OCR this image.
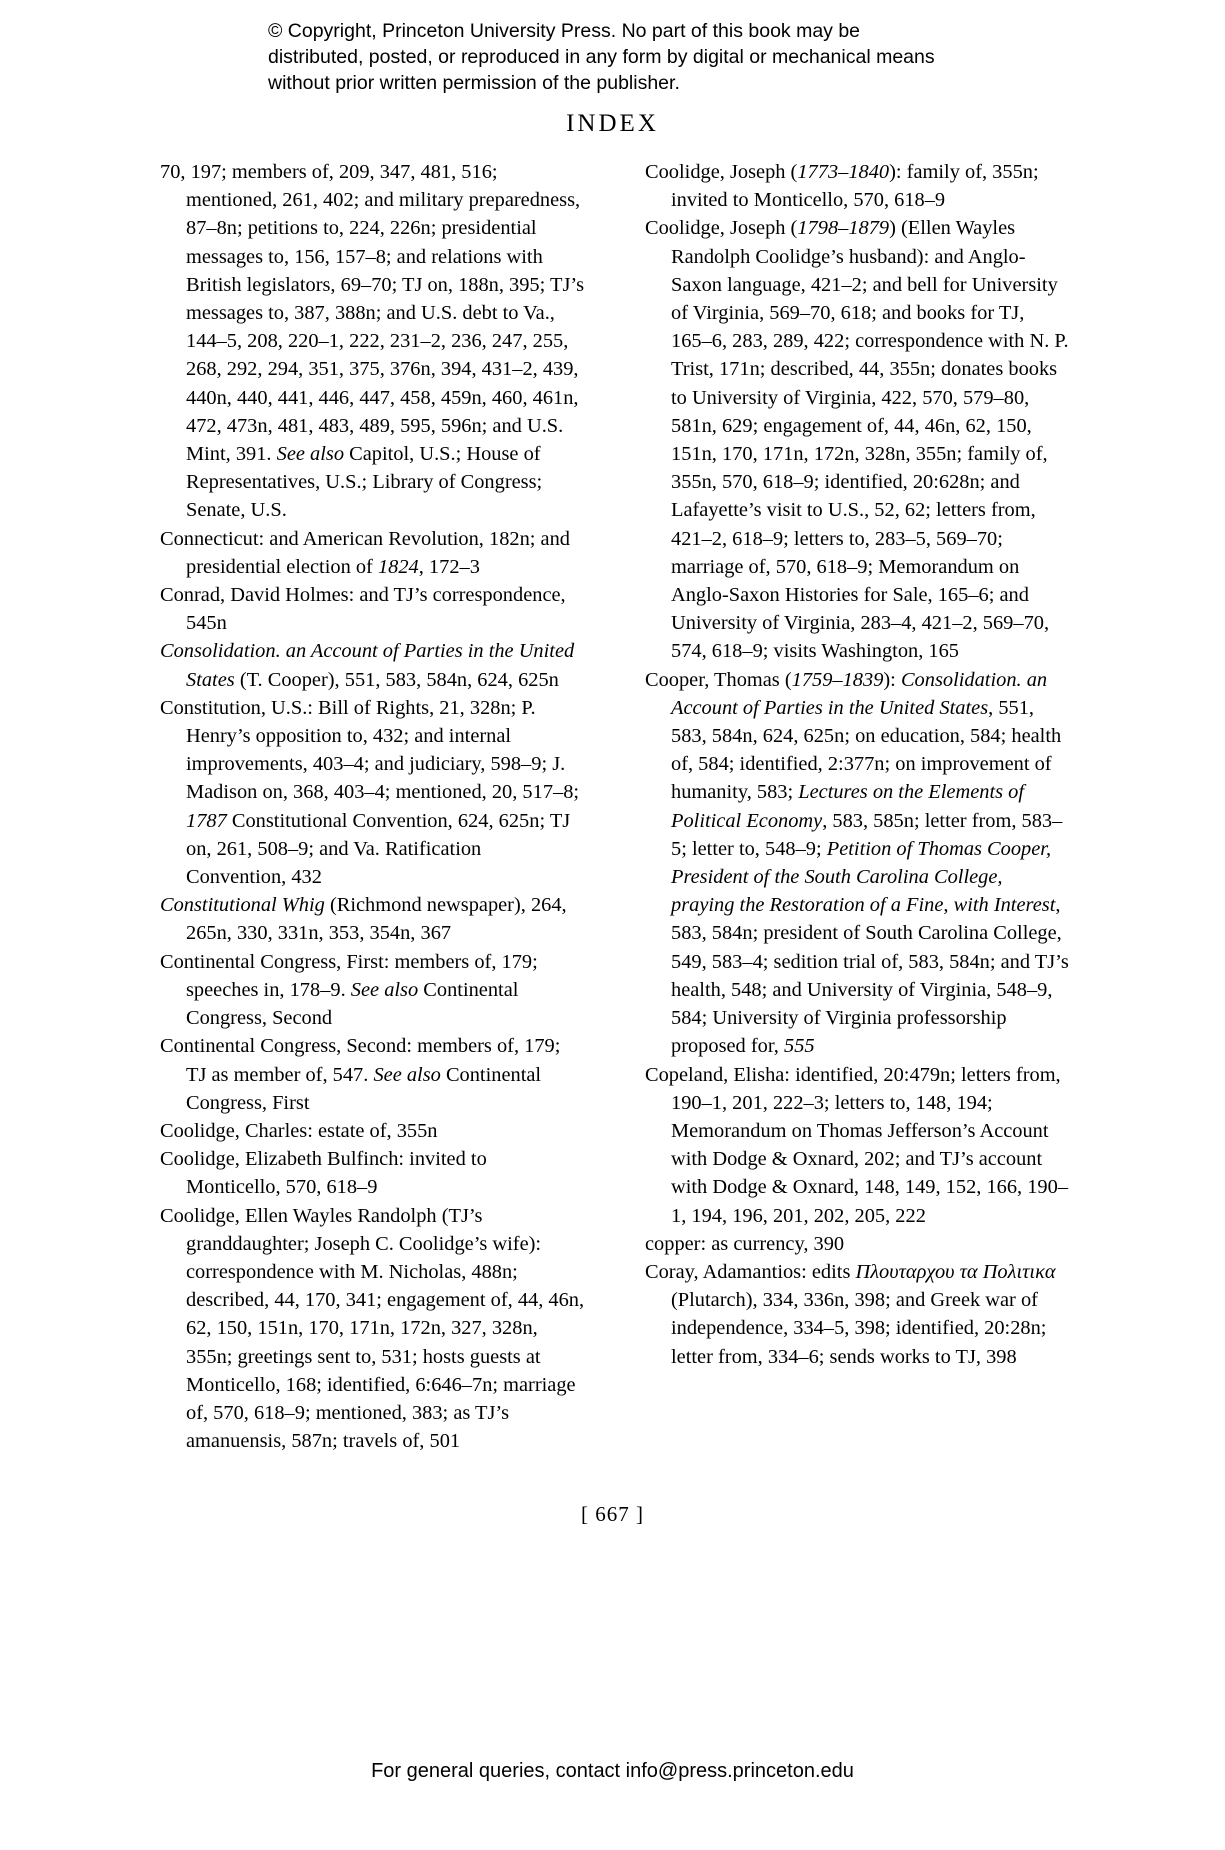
© Copyright, Princeton University Press. No part of this book may be distributed, posted, or reproduced in any form by digital or mechanical means without prior written permission of the publisher.
INDEX

70, 197; members of, 209, 347, 481, 516; mentioned, 261, 402; and military preparedness, 87–8n; petitions to, 224, 226n; presidential messages to, 156, 157–8; and relations with British legislators, 69–70; TJ on, 188n, 395; TJ’s messages to, 387, 388n; and U.S. debt to Va., 144–5, 208, 220–1, 222, 231–2, 236, 247, 255, 268, 292, 294, 351, 375, 376n, 394, 431–2, 439, 440n, 440, 441, 446, 447, 458, 459n, 460, 461n, 472, 473n, 481, 483, 489, 595, 596n; and U.S. Mint, 391. See also Capitol, U.S.; House of Representatives, U.S.; Library of Congress; Senate, U.S.

Connecticut: and American Revolution, 182n; and presidential election of 1824, 172–3

Conrad, David Holmes: and TJ’s correspondence, 545n

Consolidation. an Account of Parties in the United States (T. Cooper), 551, 583, 584n, 624, 625n

Constitution, U.S.: Bill of Rights, 21, 328n; P. Henry’s opposition to, 432; and internal improvements, 403–4; and judiciary, 598–9; J. Madison on, 368, 403–4; mentioned, 20, 517–8; 1787 Constitutional Convention, 624, 625n; TJ on, 261, 508–9; and Va. Ratification Convention, 432

Constitutional Whig (Richmond newspaper), 264, 265n, 330, 331n, 353, 354n, 367

Continental Congress, First: members of, 179; speeches in, 178–9. See also Continental Congress, Second

Continental Congress, Second: members of, 179; TJ as member of, 547. See also Continental Congress, First

Coolidge, Charles: estate of, 355n

Coolidge, Elizabeth Bulfinch: invited to Monticello, 570, 618–9

Coolidge, Ellen Wayles Randolph (TJ’s granddaughter; Joseph C. Coolidge’s wife): correspondence with M. Nicholas, 488n; described, 44, 170, 341; engagement of, 44, 46n, 62, 150, 151n, 170, 171n, 172n, 327, 328n, 355n; greetings sent to, 531; hosts guests at Monticello, 168; identified, 6:646–7n; marriage of, 570, 618–9; mentioned, 383; as TJ’s amanuensis, 587n; travels of, 501

Coolidge, Joseph (1773–1840): family of, 355n; invited to Monticello, 570, 618–9

Coolidge, Joseph (1798–1879) (Ellen Wayles Randolph Coolidge’s husband): and Anglo-Saxon language, 421–2; and bell for University of Virginia, 569–70, 618; and books for TJ, 165–6, 283, 289, 422; correspondence with N. P. Trist, 171n; described, 44, 355n; donates books to University of Virginia, 422, 570, 579–80, 581n, 629; engagement of, 44, 46n, 62, 150, 151n, 170, 171n, 172n, 328n, 355n; family of, 355n, 570, 618–9; identified, 20:628n; and Lafayette’s visit to U.S., 52, 62; letters from, 421–2, 618–9; letters to, 283–5, 569–70; marriage of, 570, 618–9; Memorandum on Anglo-Saxon Histories for Sale, 165–6; and University of Virginia, 283–4, 421–2, 569–70, 574, 618–9; visits Washington, 165

Cooper, Thomas (1759–1839): Consolidation. an Account of Parties in the United States, 551, 583, 584n, 624, 625n; on education, 584; health of, 584; identified, 2:377n; on improvement of humanity, 583; Lectures on the Elements of Political Economy, 583, 585n; letter from, 583–5; letter to, 548–9; Petition of Thomas Cooper, President of the South Carolina College, praying the Restoration of a Fine, with Interest, 583, 584n; president of South Carolina College, 549, 583–4; sedition trial of, 583, 584n; and TJ’s health, 548; and University of Virginia, 548–9, 584; University of Virginia professorship proposed for, 555

Copeland, Elisha: identified, 20:479n; letters from, 190–1, 201, 222–3; letters to, 148, 194; Memorandum on Thomas Jefferson’s Account with Dodge & Oxnard, 202; and TJ’s account with Dodge & Oxnard, 148, 149, 152, 166, 190–1, 194, 196, 201, 202, 205, 222

copper: as currency, 390

Coray, Adamantios: edits Πλουταρχου τα Πολιτικα (Plutarch), 334, 336n, 398; and Greek war of independence, 334–5, 398; identified, 20:28n; letter from, 334–6; sends works to TJ, 398

[ 667 ]
For general queries, contact info@press.princeton.edu
